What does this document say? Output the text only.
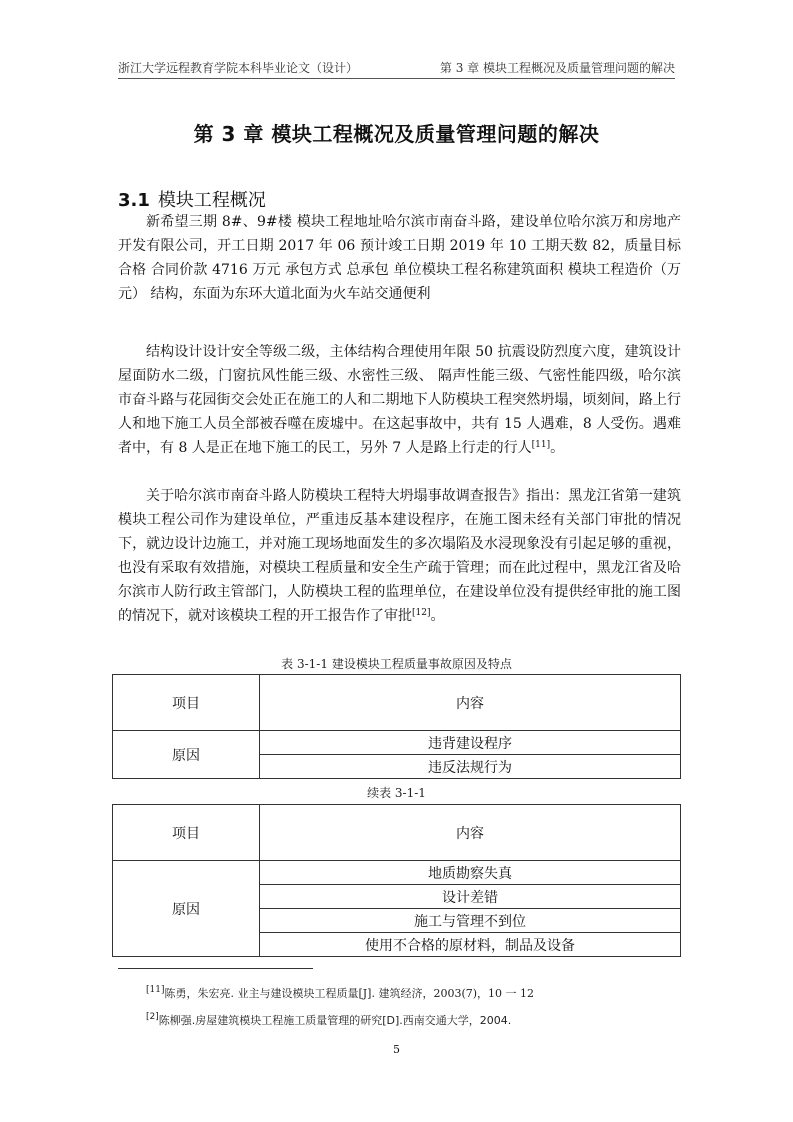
浙江大学远程教育学院本科毕业论文（设计）	第 3 章 模块工程概况及质量管理问题的解决
第 3 章 模块工程概况及质量管理问题的解决
3.1 模块工程概况

新希望三期 8#、9#楼 模块工程地址哈尔滨市南奋斗路，建设单位哈尔滨万和房地产开发有限公司，开工日期 2017 年 06 预计竣工日期 2019 年 10 工期天数 82，质量目标合格 合同价款 4716 万元 承包方式 总承包 单位模块工程名称建筑面积 模块工程造价（万元） 结构，东面为东环大道北面为火车站交通便利

结构设计设计安全等级二级，主体结构合理使用年限 50 抗震设防烈度六度，建筑设计屋面防水二级，门窗抗风性能三级、水密性三级、 隔声性能三级、气密性能四级，哈尔滨市奋斗路与花园街交会处正在施工的人和二期地下人防模块工程突然坍塌，顷刻间，路上行人和地下施工人员全部被吞噬在废墟中。在这起事故中，共有 15 人遇难，8 人受伤。遇难者中，有 8 人是正在地下施工的民工，另外 7 人是路上行走的行人[11]。

关于哈尔滨市南奋斗路人防模块工程特大坍塌事故调查报告》指出：黑龙江省第一建筑模块工程公司作为建设单位，严重违反基本建设程序，在施工图未经有关部门审批的情况下，就边设计边施工，并对施工现场地面发生的多次塌陷及水浸现象没有引起足够的重视，也没有采取有效措施，对模块工程质量和安全生产疏于管理；而在此过程中，黑龙江省及哈尔滨市人防行政主管部门，人防模块工程的监理单位，在建设单位没有提供经审批的施工图的情况下，就对该模块工程的开工报告作了审批[12]。

表 3-1-1 建设模块工程质量事故原因及特点
项目	内容
原因	违背建设程序
	违反法规行为
续表 3-1-1
项目	内容
原因	地质勘察失真
	设计差错
	施工与管理不到位
	使用不合格的原材料，制品及设备
[11]陈勇，朱宏亮. 业主与建设模块工程质量[J]. 建筑经济，2003(7)，10 一 12
[2]陈柳强.房屋建筑模块工程施工质量管理的研究[D].西南交通大学，2004.
5
